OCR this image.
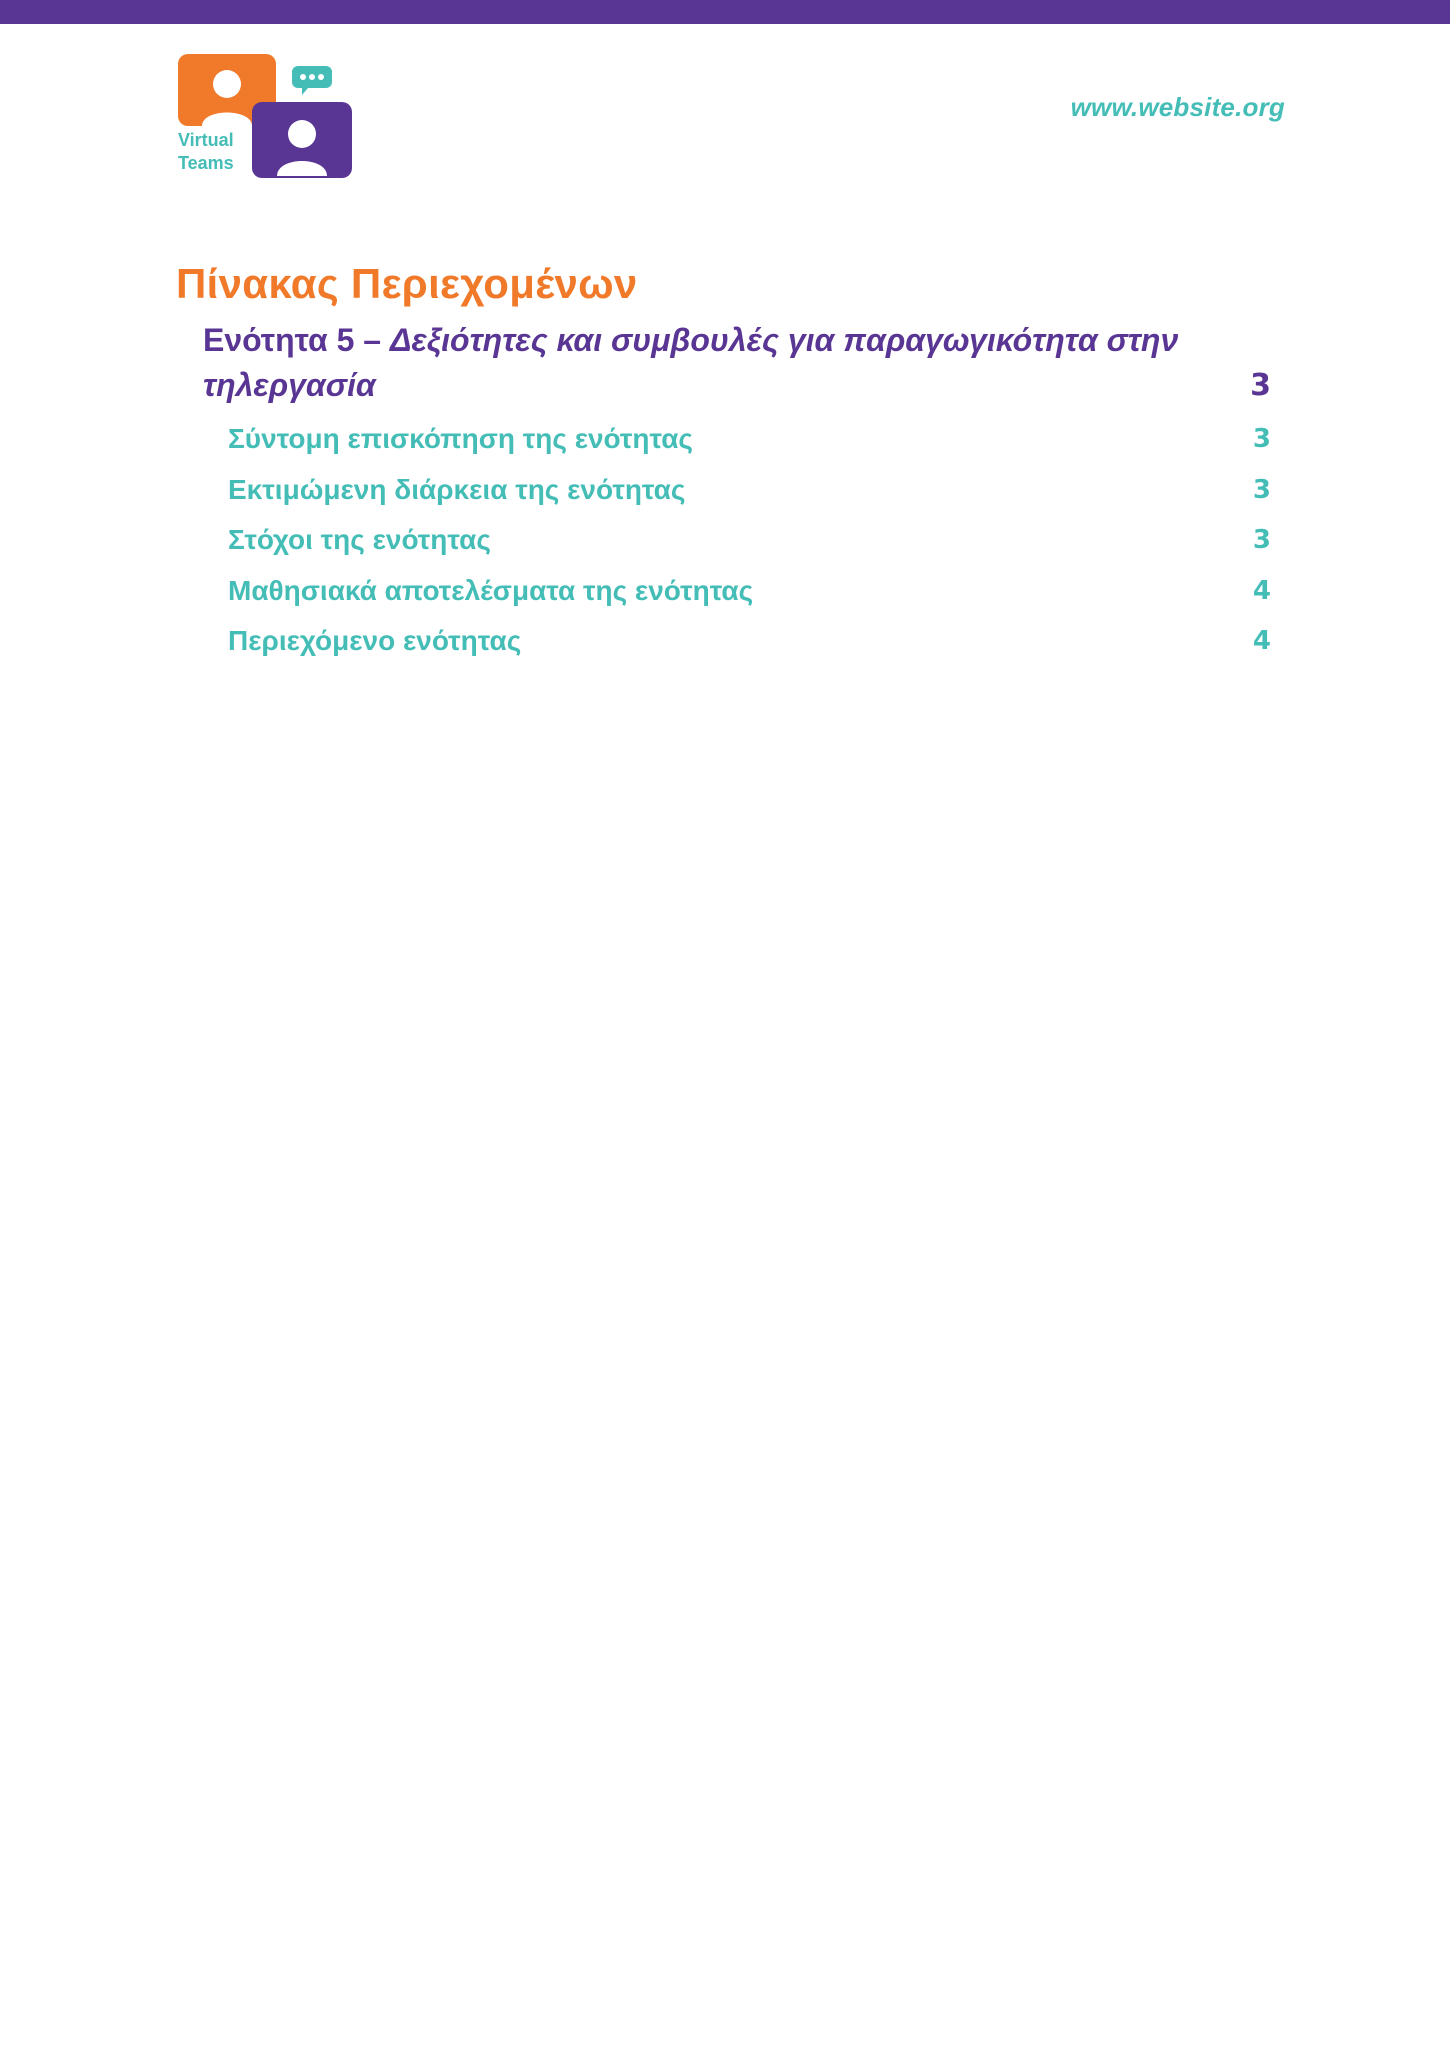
Virtual
Teams
www.website.org
Πίνακας Περιεχομένων
Ενότητα 5 – Δεξιότητες και συμβουλές για παραγωγικότητα στην
τηλεργασία	3
Σύντομη επισκόπηση της ενότητας	3
Εκτιμώμενη διάρκεια της ενότητας	3
Στόχοι της ενότητας	3
Μαθησιακά αποτελέσματα της ενότητας	4
Περιεχόμενο ενότητας	4
